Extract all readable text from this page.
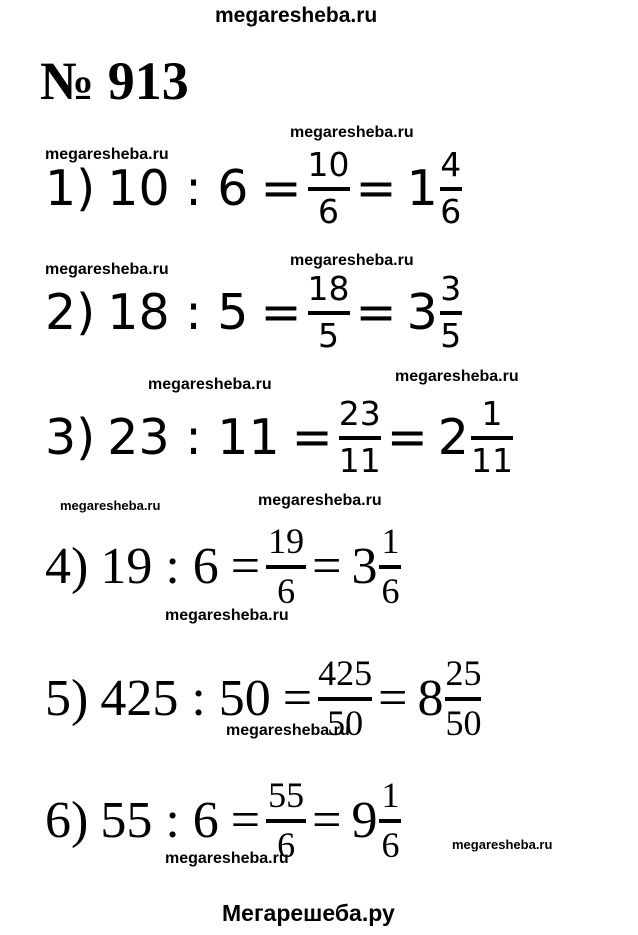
megaresheba.ru
№ 913
megaresheba.ru
megaresheba.ru
megaresheba.ru
megaresheba.ru
megaresheba.ru	megaresheba.ru
megaresheba.ru	megaresheba.ru
megaresheba.ru
megaresheba.ru
megaresheba.ru
megaresheba.ru
1) 10 : $6 = \frac{10}{6} = 1 \frac{4}{6}$
2) 18 : $5 = \frac{18}{5} = 3 \frac{3}{5}$
3) 23 : $11 = \frac{23}{11} = 2 \frac{1}{11}$
4) 19 : $6 = \frac{19}{6} = 3 \frac{1}{6}$
5) 425 : $50 = \frac{425}{50} = 8 \frac{25}{50}$
6) 55 : $6 = \frac{55}{6} = 9 \frac{1}{6}$
Мегарешеба.ру
